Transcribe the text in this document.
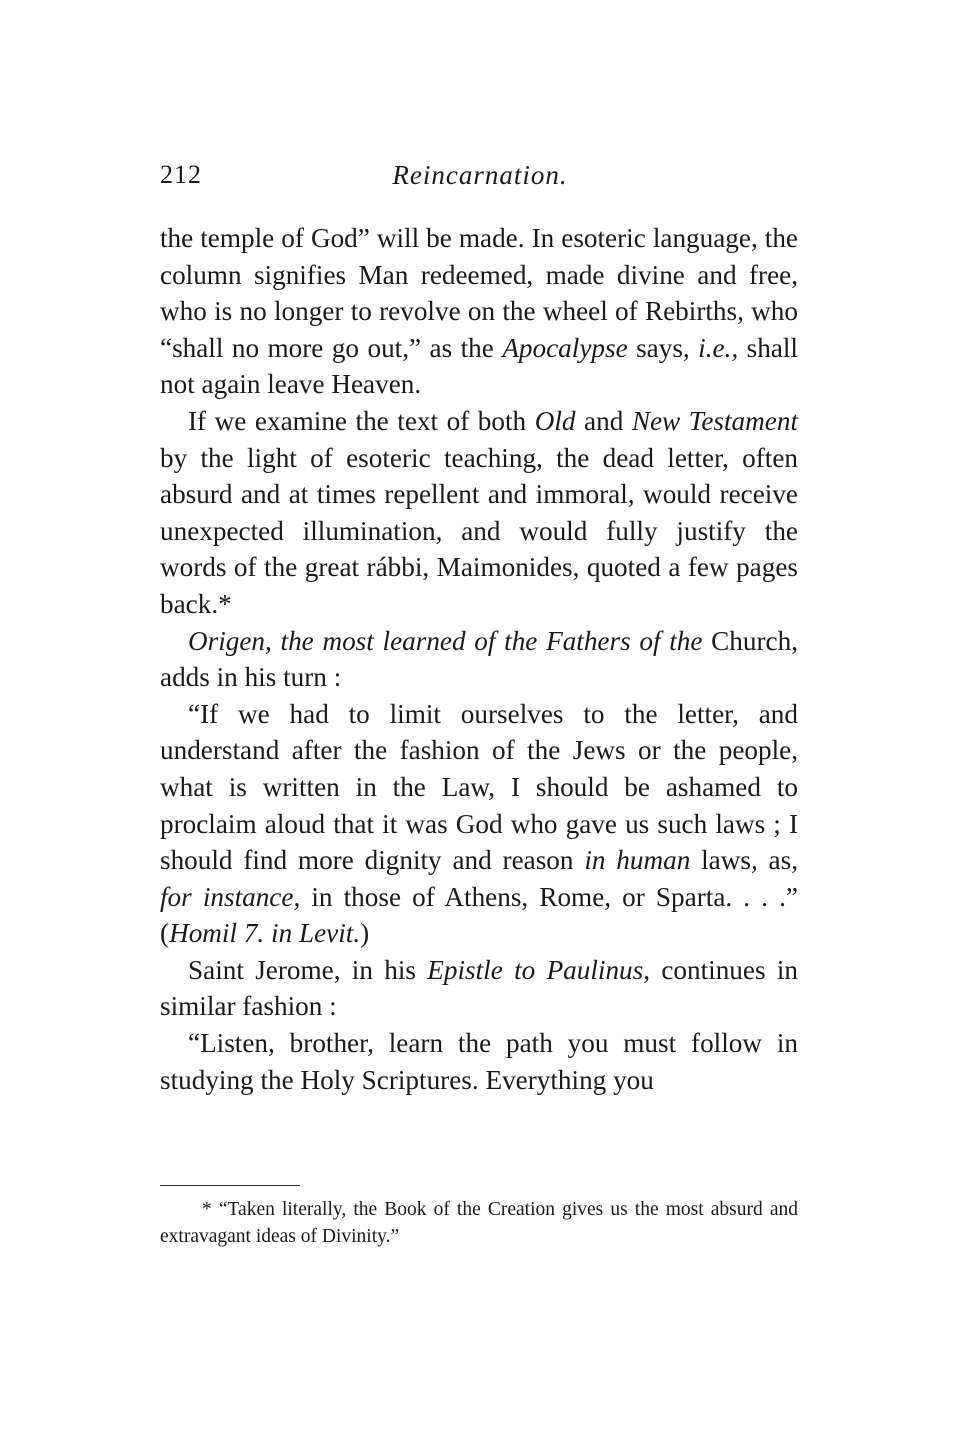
212	Reincarnation.

the temple of God” will be made. In esoteric language, the column signifies Man redeemed, made divine and free, who is no longer to revolve on the wheel of Rebirths, who “shall no more go out,” as the Apocalypse says, i.e., shall not again leave Heaven.

If we examine the text of both Old and New Testament by the light of esoteric teaching, the dead letter, often absurd and at times repellent and immoral, would receive unexpected illumination, and would fully justify the words of the great rábbi, Maimonides, quoted a few pages back.*

Origen, the most learned of the Fathers of the Church, adds in his turn :

“If we had to limit ourselves to the letter, and understand after the fashion of the Jews or the people, what is written in the Law, I should be ashamed to proclaim aloud that it was God who gave us such laws ; I should find more dignity and reason in human laws, as, for instance, in those of Athens, Rome, or Sparta. . . .” (Homil 7. in Levit.)

Saint Jerome, in his Epistle to Paulinus, continues in similar fashion :

“Listen, brother, learn the path you must follow in studying the Holy Scriptures. Everything you

* “Taken literally, the Book of the Creation gives us the most absurd and extravagant ideas of Divinity.”
